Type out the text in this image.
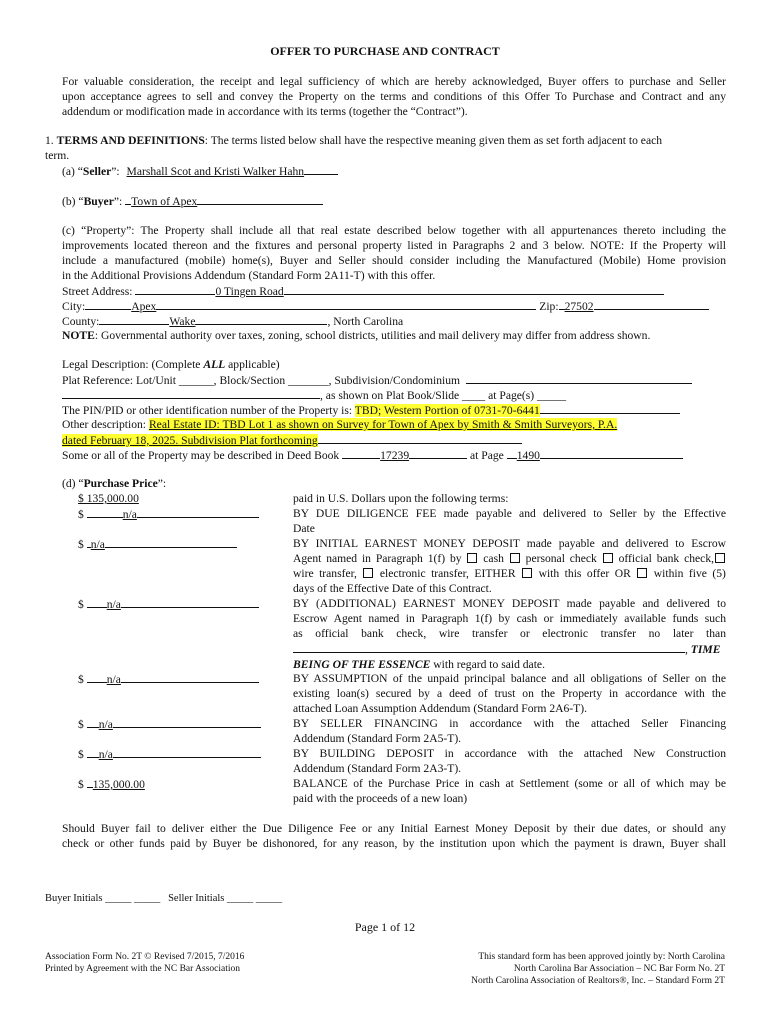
OFFER TO PURCHASE AND CONTRACT
For valuable consideration, the receipt and legal sufficiency of which are hereby acknowledged, Buyer offers to purchase and Seller
upon acceptance agrees to sell and convey the Property on the terms and conditions of this Offer To Purchase and Contract and any
addendum or modification made in accordance with its terms (together the “Contract”).
1. TERMS AND DEFINITIONS: The terms listed below shall have the respective meaning given them as set forth adjacent to each
term.
(a) “Seller”: Marshall Scot and Kristi Walker Hahn
(b) “Buyer”: Town of Apex
(c) “Property”: The Property shall include all that real estate described below together with all appurtenances thereto including the
improvements located thereon and the fixtures and personal property listed in Paragraphs 2 and 3 below. NOTE: If the Property will
include a manufactured (mobile) home(s), Buyer and Seller should consider including the Manufactured (Mobile) Home provision
in the Additional Provisions Addendum (Standard Form 2A11-T) with this offer.
Street Address:	0 Tingen Road
City:	Apex	Zip: 27502
County:	Wake	, North Carolina
NOTE: Governmental authority over taxes, zoning, school districts, utilities and mail delivery may differ from address shown.
Legal Description: (Complete ALL applicable)
Plat Reference: Lot/Unit ______, Block/Section _______, Subdivision/Condominium
, as shown on Plat Book/Slide ____ at Page(s) _____
The PIN/PID or other identification number of the Property is: TBD; Western Portion of 0731-70-6441
Other description: Real Estate ID: TBD Lot 1 as shown on Survey for Town of Apex by Smith & Smith Surveyors, P.A.
dated February 18, 2025. Subdivision Plat forthcoming
Some or all of the Property may be described in Deed Book	17239	at Page 1490
(d) “Purchase Price”:
$ 135,000.00	paid in U.S. Dollars upon the following terms:
$	n/a	BY DUE DILIGENCE FEE made payable and delivered to Seller by the Effective
Date
$ n/a	BY INITIAL EARNEST MONEY DEPOSIT made payable and delivered to Escrow
Agent named in Paragraph 1(f) by  cash personal check official bank check,
wire transfer, electronic transfer, EITHER with this offer OR within five (5)
days of the Effective Date of this Contract.
$ n/a	BY (ADDITIONAL) EARNEST MONEY DEPOSIT made payable and delivered to
Escrow Agent named in Paragraph 1(f) by cash or immediately available funds such
as official bank check, wire transfer or electronic transfer no later than
, TIME
BEING OF THE ESSENCE with regard to said date.
$ n/a	BY ASSUMPTION of the unpaid principal balance and all obligations of Seller on the
existing loan(s) secured by a deed of trust on the Property in accordance with the
attached Loan Assumption Addendum (Standard Form 2A6-T).
$ n/a	BY SELLER FINANCING in accordance with the attached Seller Financing
Addendum (Standard Form 2A5-T).
$ n/a	BY BUILDING DEPOSIT in accordance with the attached New Construction
Addendum (Standard Form 2A3-T).
$ 135,000.00	BALANCE of the Purchase Price in cash at Settlement (some or all of which may be
paid with the proceeds of a new loan)
Should Buyer fail to deliver either the Due Diligence Fee or any Initial Earnest Money Deposit by their due dates, or should any
check or other funds paid by Buyer be dishonored, for any reason, by the institution upon which the payment is drawn, Buyer shall
Buyer Initials _____ _____ Seller Initials _____ _____
Page 1 of 12
Association Form No. 2T © Revised 7/2015, 7/2016
Printed by Agreement with the NC Bar Association
This standard form has been approved jointly by: North Carolina
North Carolina Bar Association – NC Bar Form No. 2T
North Carolina Association of Realtors®, Inc. – Standard Form 2T
